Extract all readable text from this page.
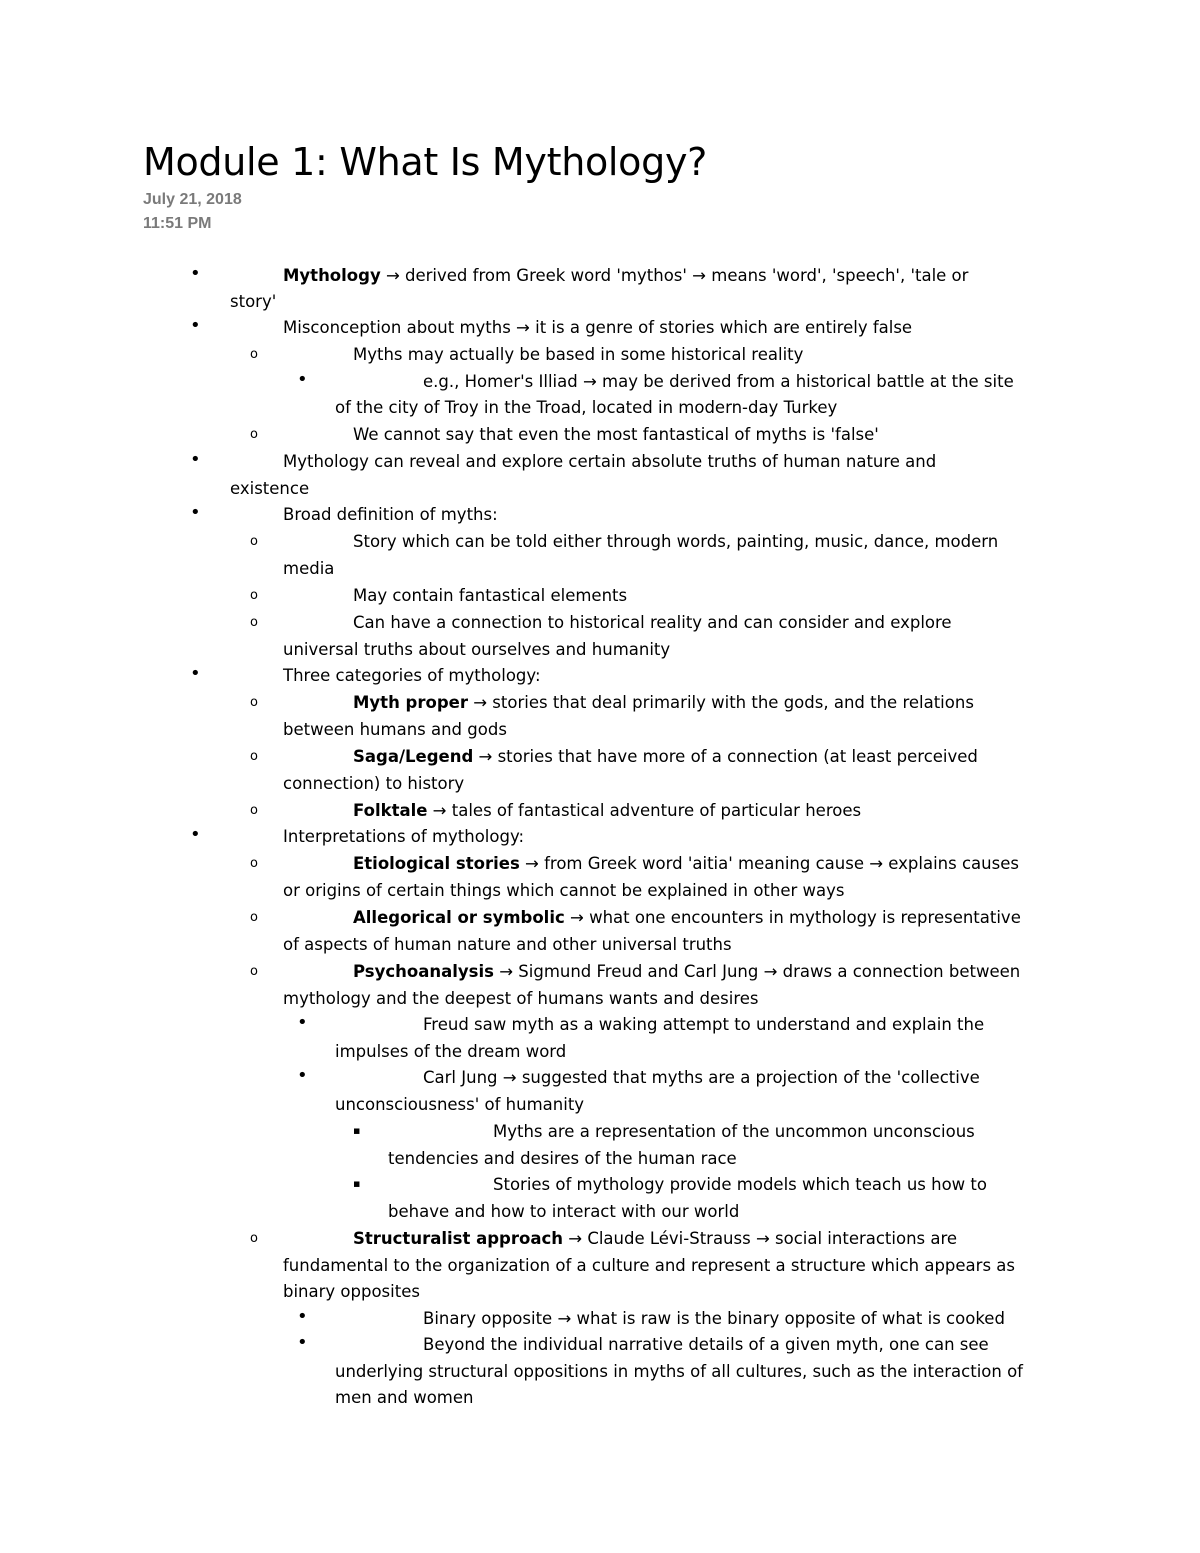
Module 1: What Is Mythology?
July 21, 2018
11:51 PM
•	Mythology → derived from Greek word 'mythos' → means 'word', 'speech', 'tale or
story'
•	Misconception about myths → it is a genre of stories which are entirely false
o	Myths may actually be based in some historical reality
•	e.g., Homer's Illiad → may be derived from a historical battle at the site
of the city of Troy in the Troad, located in modern-day Turkey
o	We cannot say that even the most fantastical of myths is 'false'
•	Mythology can reveal and explore certain absolute truths of human nature and
existence
•	Broad definition of myths:
o	Story which can be told either through words, painting, music, dance, modern
media
o	May contain fantastical elements
o	Can have a connection to historical reality and can consider and explore
universal truths about ourselves and humanity
•	Three categories of mythology:
o	Myth proper → stories that deal primarily with the gods, and the relations
between humans and gods
o	Saga/Legend → stories that have more of a connection (at least perceived
connection) to history
o	Folktale → tales of fantastical adventure of particular heroes
•	Interpretations of mythology:
o	Etiological stories → from Greek word 'aitia' meaning cause → explains causes
or origins of certain things which cannot be explained in other ways
o	Allegorical or symbolic → what one encounters in mythology is representative
of aspects of human nature and other universal truths
o	Psychoanalysis → Sigmund Freud and Carl Jung → draws a connection between
mythology and the deepest of humans wants and desires
•	Freud saw myth as a waking attempt to understand and explain the
impulses of the dream word
•	Carl Jung → suggested that myths are a projection of the 'collective
unconsciousness' of humanity
▪	Myths are a representation of the uncommon unconscious
tendencies and desires of the human race
▪	Stories of mythology provide models which teach us how to
behave and how to interact with our world
o	Structuralist approach → Claude Lévi-Strauss → social interactions are
fundamental to the organization of a culture and represent a structure which appears as
binary opposites
•	Binary opposite → what is raw is the binary opposite of what is cooked
•	Beyond the individual narrative details of a given myth, one can see
underlying structural oppositions in myths of all cultures, such as the interaction of
men and women
